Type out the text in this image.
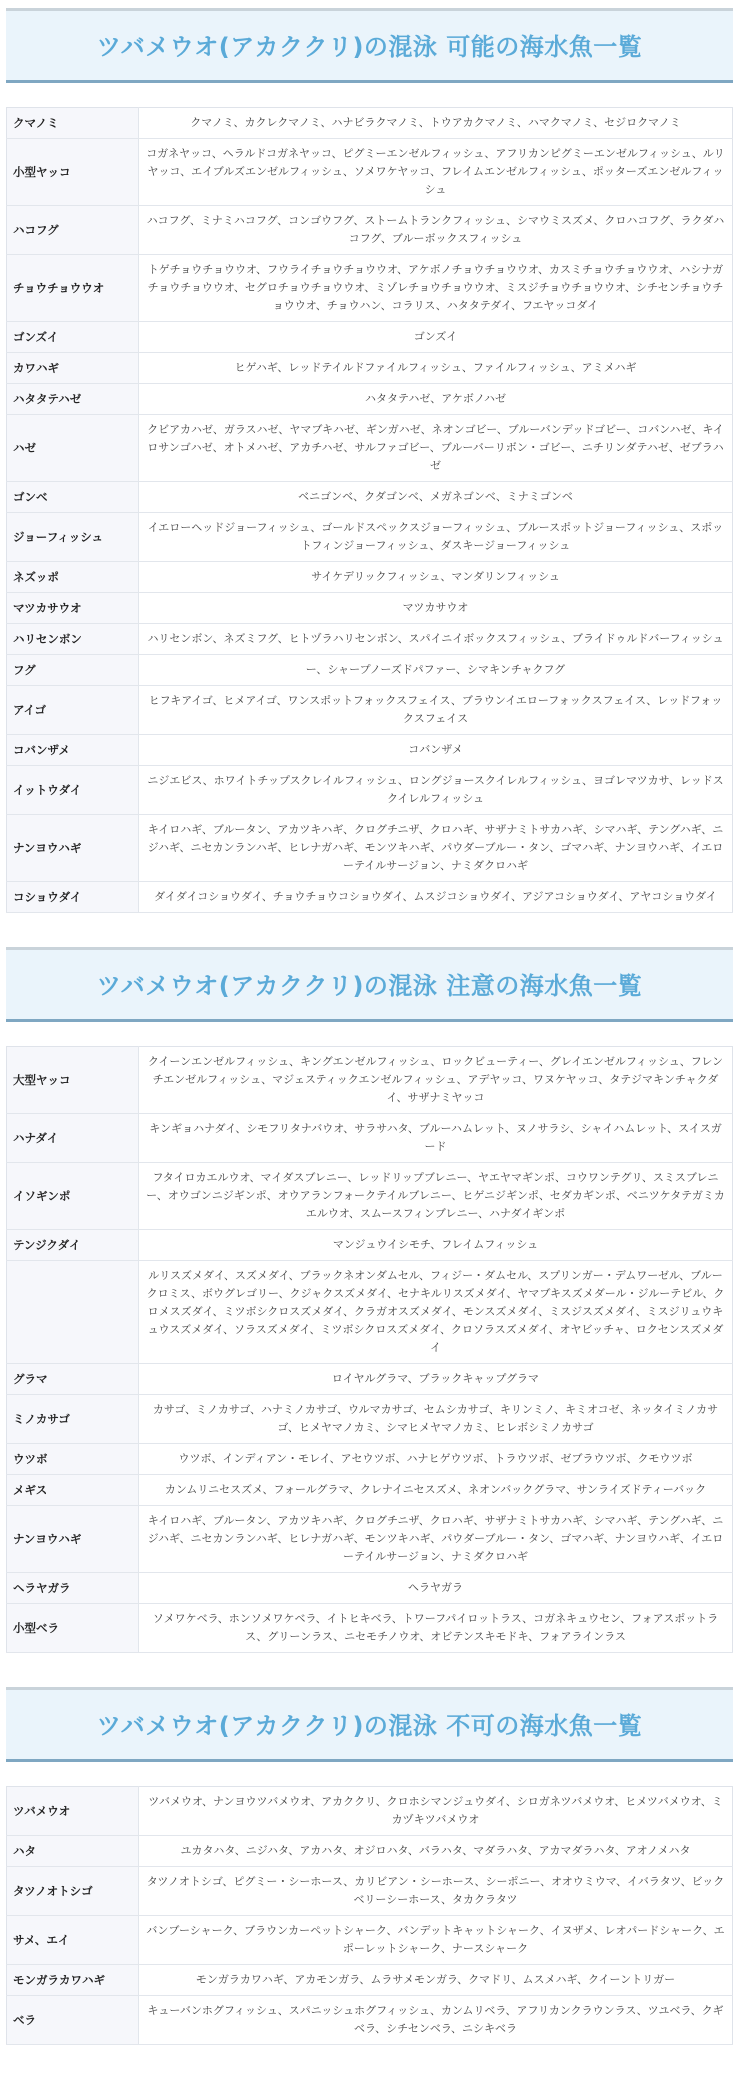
ツバメウオ(アカククリ)の混泳 可能の海水魚一覧
クマノミ	クマノミ、カクレクマノミ、ハナビラクマノミ、トウアカクマノミ、ハマクマノミ、セジロクマノミ
小型ヤッコ	コガネヤッコ、ヘラルドコガネヤッコ、ピグミーエンゼルフィッシュ、アフリカンピグミーエンゼルフィッシュ、ルリヤッコ、エイブルズエンゼルフィッシュ、ソメワケヤッコ、フレイムエンゼルフィッシュ、ポッターズエンゼルフィッシュ
ハコフグ	ハコフグ、ミナミハコフグ、コンゴウフグ、ストームトランクフィッシュ、シマウミスズメ、クロハコフグ、ラクダハコフグ、ブルーボックスフィッシュ
チョウチョウウオ	トゲチョウチョウウオ、フウライチョウチョウウオ、アケボノチョウチョウウオ、カスミチョウチョウウオ、ハシナガチョウチョウウオ、セグロチョウチョウウオ、ミゾレチョウチョウウオ、ミスジチョウチョウウオ、シチセンチョウチョウウオ、チョウハン、コラリス、ハタタテダイ、フエヤッコダイ
ゴンズイ	ゴンズイ
カワハギ	ヒゲハギ、レッドテイルドファイルフィッシュ、ファイルフィッシュ、アミメハギ
ハタタテハゼ	ハタタテハゼ、アケボノハゼ
ハゼ	クビアカハゼ、ガラスハゼ、ヤマブキハゼ、ギンガハゼ、ネオンゴビー、ブルーバンデッドゴビー、コバンハゼ、キイロサンゴハゼ、オトメハゼ、アカチハゼ、サルファゴビー、ブルーバーリボン・ゴビー、ニチリンダテハゼ、ゼブラハゼ
ゴンベ	ベニゴンベ、クダゴンベ、メガネゴンベ、ミナミゴンベ
ジョーフィッシュ	イエローヘッドジョーフィッシュ、ゴールドスペックスジョーフィッシュ、ブルースポットジョーフィッシュ、スポットフィンジョーフィッシュ、ダスキージョーフィッシュ
ネズッポ	サイケデリックフィッシュ、マンダリンフィッシュ
マツカサウオ	マツカサウオ
ハリセンボン	ハリセンボン、ネズミフグ、ヒトヅラハリセンボン、スパイニイボックスフィッシュ、ブライドゥルドバーフィッシュ
フグ	ー、シャープノーズドパファー、シマキンチャクフグ
アイゴ	ヒフキアイゴ、ヒメアイゴ、ワンスポットフォックスフェイス、ブラウンイエローフォックスフェイス、レッドフォックスフェイス
コバンザメ	コバンザメ
イットウダイ	ニジエビス、ホワイトチップスクレイルフィッシュ、ロングジョースクイレルフィッシュ、ヨゴレマツカサ、レッドスクイレルフィッシュ
ナンヨウハギ	キイロハギ、ブルータン、アカツキハギ、クログチニザ、クロハギ、サザナミトサカハギ、シマハギ、テングハギ、ニジハギ、ニセカンランハギ、ヒレナガハギ、モンツキハギ、パウダーブルー・タン、ゴマハギ、ナンヨウハギ、イエローテイルサージョン、ナミダクロハギ
コショウダイ	ダイダイコショウダイ、チョウチョウコショウダイ、ムスジコショウダイ、アジアコショウダイ、アヤコショウダイ
ツバメウオ(アカククリ)の混泳 注意の海水魚一覧
大型ヤッコ	クイーンエンゼルフィッシュ、キングエンゼルフィッシュ、ロックビューティー、グレイエンゼルフィッシュ、フレンチエンゼルフィッシュ、マジェスティックエンゼルフィッシュ、アデヤッコ、ワヌケヤッコ、タテジマキンチャクダイ、サザナミヤッコ
ハナダイ	キンギョハナダイ、シモフリタナバウオ、サラサハタ、ブルーハムレット、ヌノサラシ、シャイハムレット、スイスガード
イソギンポ	フタイロカエルウオ、マイダスブレニー、レッドリップブレニー、ヤエヤマギンポ、コウワンテグリ、スミスブレニー、オウゴンニジギンポ、オウアランフォークテイルブレニー、ヒゲニジギンポ、セダカギンポ、ベニツケタテガミカエルウオ、スムースフィンブレニー、ハナダイギンポ
テンジクダイ	マンジュウイシモチ、フレイムフィッシュ
	ルリスズメダイ、スズメダイ、ブラックネオンダムセル、フィジー・ダムセル、スプリンガー・デムワーゼル、ブルークロミス、ボウグレゴリー、クジャクスズメダイ、セナキルリスズメダイ、ヤマブキスズメダール・ジルーテビル、クロメスズダイ、ミツボシクロスズメダイ、クラガオスズメダイ、モンスズメダイ、ミスジスズメダイ、ミスジリュウキュウスズメダイ、ソラスズメダイ、ミツボシクロスズメダイ、クロソラスズメダイ、オヤビッチャ、ロクセンスズメダイ
グラマ	ロイヤルグラマ、ブラックキャップグラマ
ミノカサゴ	カサゴ、ミノカサゴ、ハナミノカサゴ、ウルマカサゴ、セムシカサゴ、キリンミノ、キミオコゼ、ネッタイミノカサゴ、ヒメヤマノカミ、シマヒメヤマノカミ、ヒレボシミノカサゴ
ウツボ	ウツボ、インディアン・モレイ、アセウツボ、ハナヒゲウツボ、トラウツボ、ゼブラウツボ、クモウツボ
メギス	カンムリニセスズメ、フォールグラマ、クレナイニセスズメ、ネオンバックグラマ、サンライズドティーバック
ナンヨウハギ	キイロハギ、ブルータン、アカツキハギ、クログチニザ、クロハギ、サザナミトサカハギ、シマハギ、テングハギ、ニジハギ、ニセカンランハギ、ヒレナガハギ、モンツキハギ、パウダーブルー・タン、ゴマハギ、ナンヨウハギ、イエローテイルサージョン、ナミダクロハギ
ヘラヤガラ	ヘラヤガラ
小型ベラ	ソメワケベラ、ホンソメワケベラ、イトヒキベラ、トワーフパイロットラス、コガネキュウセン、フォアスポットラス、グリーンラス、ニセモチノウオ、オビテンスキモドキ、フォアラインラス
ツバメウオ(アカククリ)の混泳 不可の海水魚一覧
ツバメウオ	ツバメウオ、ナンヨウツバメウオ、アカククリ、クロホシマンジュウダイ、シロガネツバメウオ、ヒメツバメウオ、ミカヅキツバメウオ
ハタ	ユカタハタ、ニジハタ、アカハタ、オジロハタ、バラハタ、マダラハタ、アカマダラハタ、アオノメハタ
タツノオトシゴ	タツノオトシゴ、ピグミー・シーホース、カリビアン・シーホース、シーポニー、オオウミウマ、イバラタツ、ビックベリーシーホース、タカクラタツ
サメ、エイ	バンブーシャーク、ブラウンカーペットシャーク、バンデットキャットシャーク、イヌザメ、レオパードシャーク、エポーレットシャーク、ナースシャーク
モンガラカワハギ	モンガラカワハギ、アカモンガラ、ムラサメモンガラ、クマドリ、ムスメハギ、クイーントリガー
ベラ	キューバンホグフィッシュ、スパニッシュホグフィッシュ、カンムリベラ、アフリカンクラウンラス、ツユベラ、クギベラ、シチセンベラ、ニシキベラ
